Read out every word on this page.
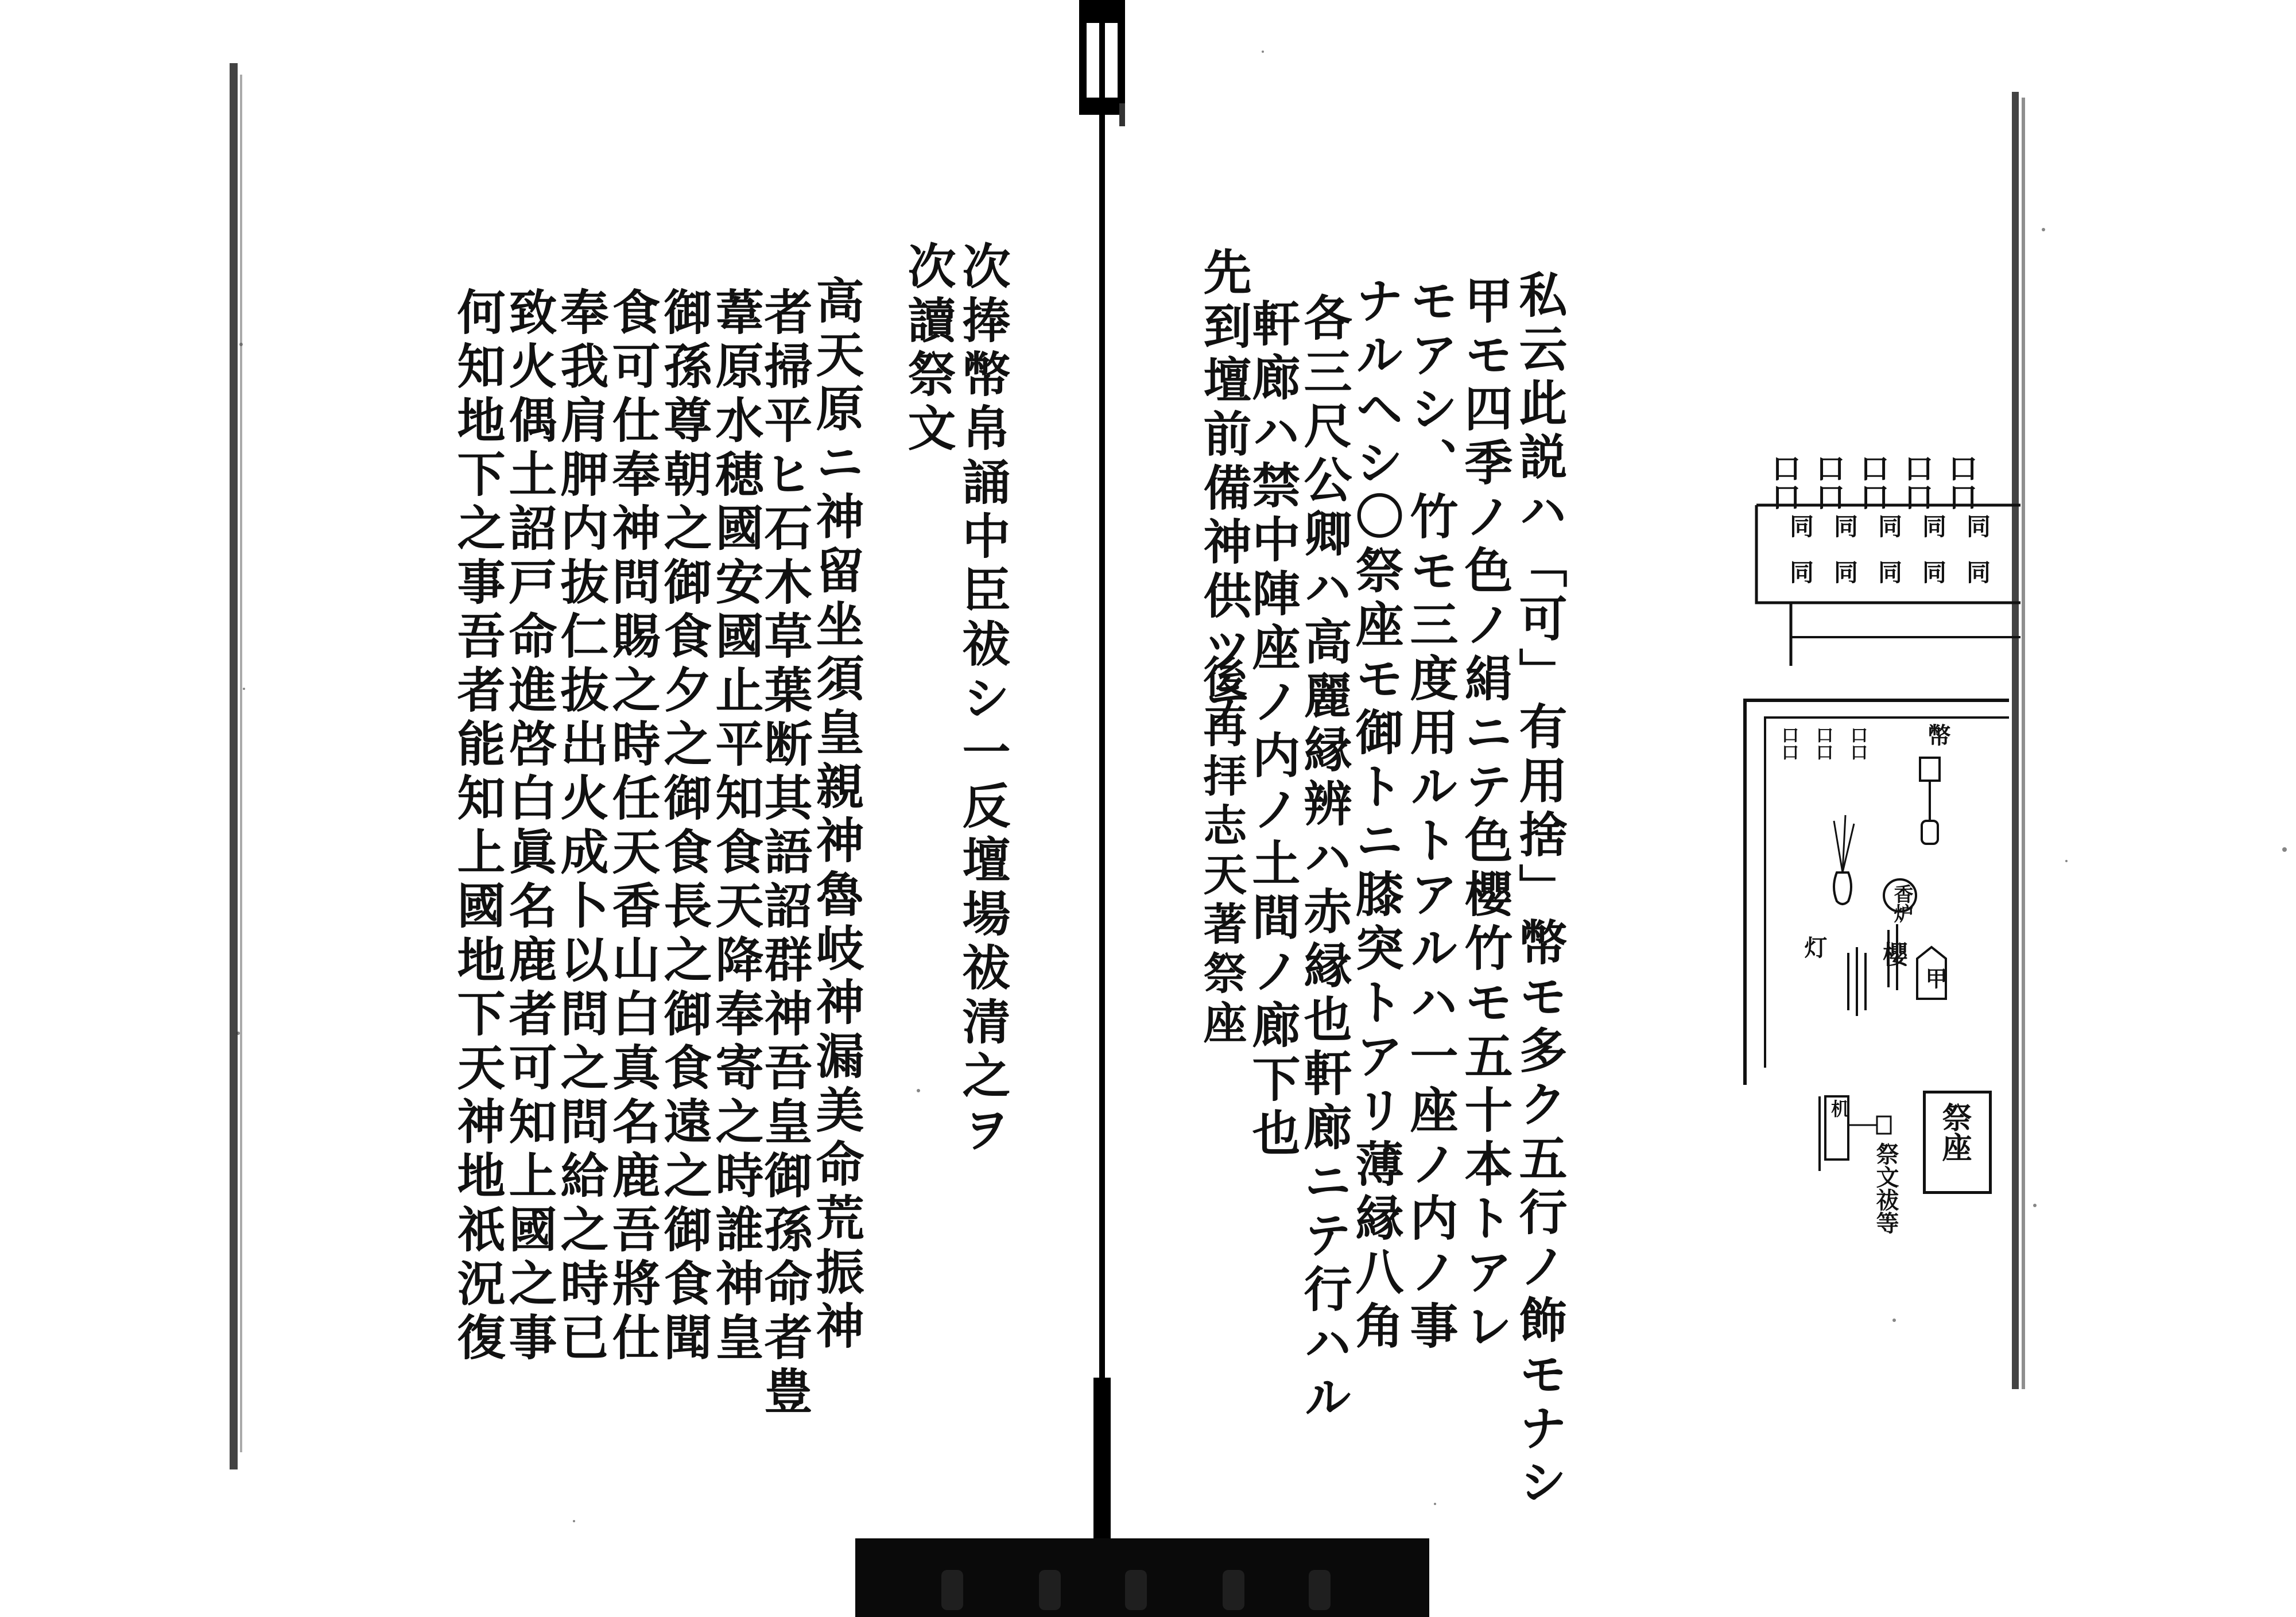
私云此説ハ「可」有用捨」幣モ多ク五行ノ飾モナシ
甲モ四季ノ色ノ絹ニテ色櫻竹モ五十本トアレ
モアシ、竹モ三度用ルトアルハ一座ノ内ノ事
ナルヘシ〇祭座モ御トニ膝突トアリ薄縁八角
各三尺公卿ハ高麗縁辨ハ赤縁也軒廊ニテ行ハル
軒廊ハ禁中陣座ノ内ノ土間ノ廊下也
先到壇前備神供ツテ
後再拝志天著祭座
次捧幣帛誦中臣祓シ一反壇場祓清之ヲ
次讀祭文
高天原ニ神留坐須皇親神魯岐神漏美命荒振神
者掃平ヒ石木草葉断其語詔群神吾皇御孫命者豊
葦原水穂國安國止平知食天降奉寄之時誰神皇
御孫尊朝之御食夕之御食長之御食遠之御食聞
食可仕奉神問賜之時任天香山白真名鹿吾將仕
奉我肩胛内抜仁抜出火成卜以問之問給之時已
致火偶土詔戸命進啓白眞名鹿者可知上國之事
何知地下之事吾者能知上國地下天神地祇況復	口口 口口 口口 口口 口口
同 同 同 同 同
同 同 同 同 同
口口 口口 口口 幣
香炉
櫻
灯
甲
祭座
机
祭文祓等
